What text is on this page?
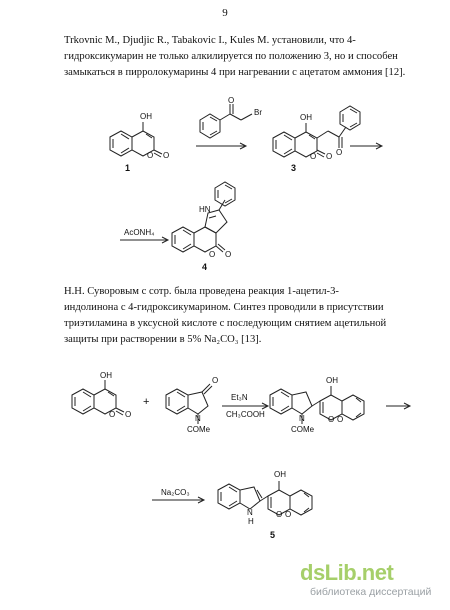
9
Trkovnic M., Djudjic R., Tabakovic I., Kules M. установили, что 4-
гидроксикумарин не только алкилируется по положению 3, но и способен
замыкаться в пирролокумарины 4 при нагревании с ацетатом аммония [12].
OH
O O
1
O
Br
OH
O
O O
3
AcONH₄
HN
O O
4
Н.Н. Суворовым с сотр. была проведена реакция 1-ацетил-3-
индолинона с 4-гидроксикумарином. Синтез проводили в присутствии
триэтиламина в уксусной кислоте с последующим снятием ацетильной
защиты при растворении в 5% Na₂CO₃ [13].
OH
O O
+
O
N
COMe
Et₃N
CH₃COOH
OH
N	O O
COMe
Na₂CO₃
OH
N
H
O O
5
dsLib.net
библиотека диссертаций
